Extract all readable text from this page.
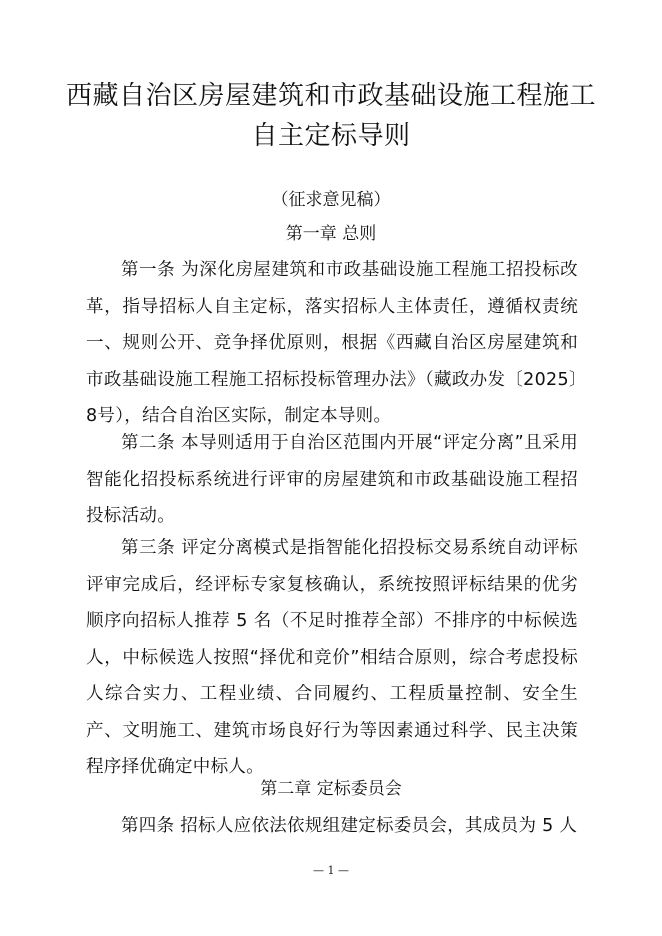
西藏自治区房屋建筑和市政基础设施工程施工
自主定标导则
（征求意见稿）
第一章 总则

第一条 为深化房屋建筑和市政基础设施工程施工招投标改革，指导招标人自主定标，落实招标人主体责任，遵循权责统一、规则公开、竞争择优原则，根据《西藏自治区房屋建筑和市政基础设施工程施工招标投标管理办法》（藏政办发〔2025〕8号），结合自治区实际，制定本导则。

第二条 本导则适用于自治区范围内开展“评定分离”且采用智能化招投标系统进行评审的房屋建筑和市政基础设施工程招投标活动。

第三条 评定分离模式是指智能化招投标交易系统自动评标评审完成后，经评标专家复核确认，系统按照评标结果的优劣顺序向招标人推荐 5 名（不足时推荐全部）不排序的中标候选人，中标候选人按照“择优和竞价”相结合原则，综合考虑投标人综合实力、工程业绩、合同履约、工程质量控制、安全生产、文明施工、建筑市场良好行为等因素通过科学、民主决策程序择优确定中标人。

第二章 定标委员会

第四条 招标人应依法依规组建定标委员会，其成员为 5 人

— 1 —
